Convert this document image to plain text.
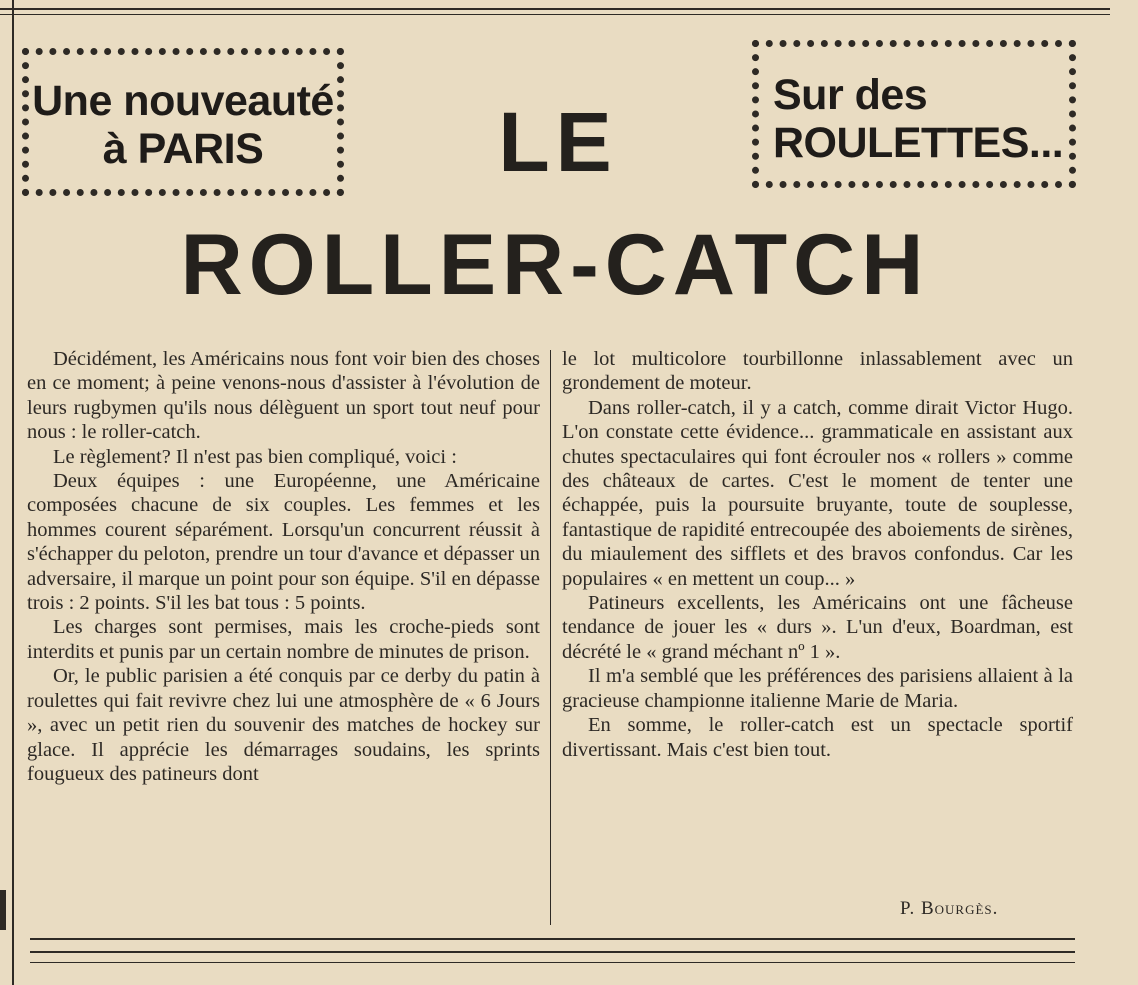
Une nouveauté
à PARIS	LE	Sur des
ROULETTES...
ROLLER-CATCH

Décidément, les Américains nous font voir bien des choses en ce moment; à peine venons-nous d'assister à l'évolution de leurs rugbymen qu'ils nous délèguent un sport tout neuf pour nous : le roller-catch.

Le règlement? Il n'est pas bien compliqué, voici :

Deux équipes : une Européenne, une Américaine composées chacune de six couples. Les femmes et les hommes courent séparément. Lorsqu'un concurrent réussit à s'échapper du peloton, prendre un tour d'avance et dépasser un adversaire, il marque un point pour son équipe. S'il en dépasse trois : 2 points. S'il les bat tous : 5 points.

Les charges sont permises, mais les croche-pieds sont interdits et punis par un certain nombre de minutes de prison.

Or, le public parisien a été conquis par ce derby du patin à roulettes qui fait revivre chez lui une atmosphère de « 6 Jours », avec un petit rien du souvenir des matches de hockey sur glace. Il apprécie les démarrages soudains, les sprints fougueux des patineurs dont

le lot multicolore tourbillonne inlassablement avec un grondement de moteur.

Dans roller-catch, il y a catch, comme dirait Victor Hugo. L'on constate cette évidence... grammaticale en assistant aux chutes spectaculaires qui font écrouler nos « rollers » comme des châteaux de cartes. C'est le moment de tenter une échappée, puis la poursuite bruyante, toute de souplesse, fantastique de rapidité entrecoupée des aboiements de sirènes, du miaulement des sifflets et des bravos confondus. Car les populaires « en mettent un coup... »

Patineurs excellents, les Américains ont une fâcheuse tendance de jouer les « durs ». L'un d'eux, Boardman, est décrété le « grand méchant nº 1 ».

Il m'a semblé que les préférences des parisiens allaient à la gracieuse championne italienne Marie de Maria.

En somme, le roller-catch est un spectacle sportif divertissant. Mais c'est bien tout.

P. Bourgès.
